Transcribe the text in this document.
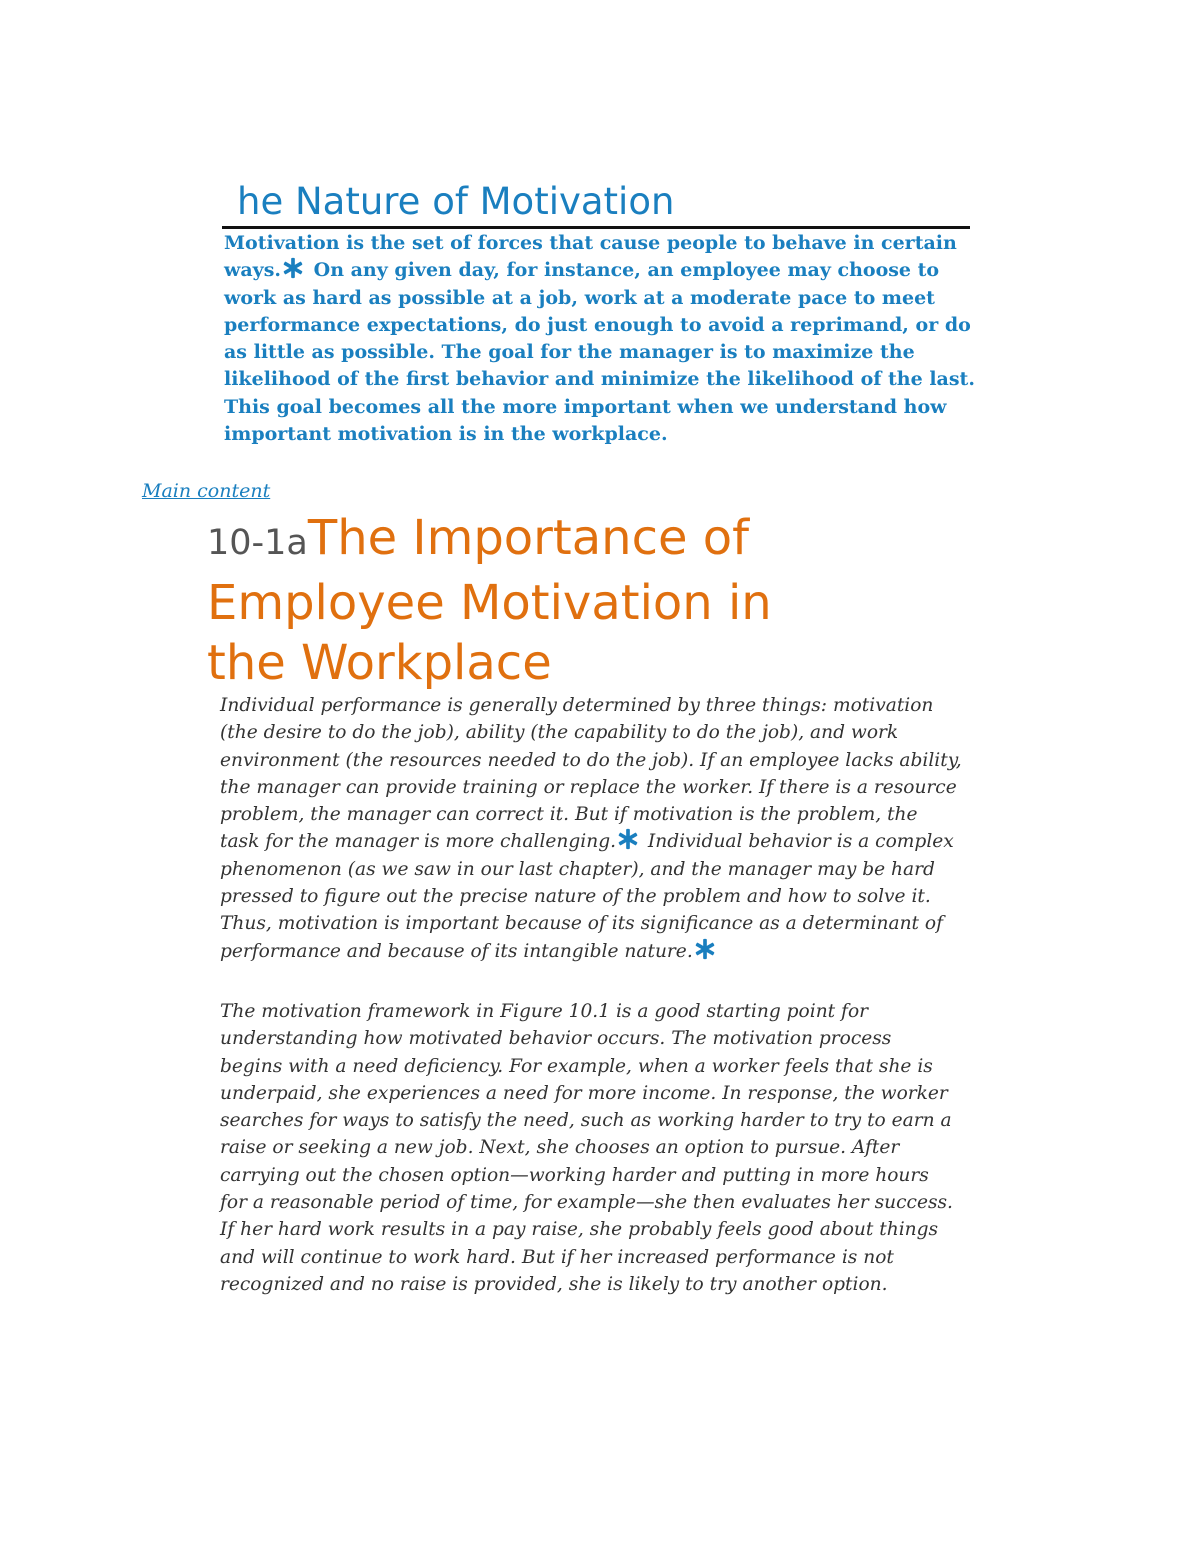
he Nature of Motivation
Motivation is the set of forces that cause people to behave in certain
ways. On any given day, for instance, an employee may choose to
work as hard as possible at a job, work at a moderate pace to meet
performance expectations, do just enough to avoid a reprimand, or do
as little as possible. The goal for the manager is to maximize the
likelihood of the first behavior and minimize the likelihood of the last.
This goal becomes all the more important when we understand how
important motivation is in the workplace.
Main content
10-1aThe Importance of
Employee Motivation in
the Workplace
Individual performance is generally determined by three things: motivation
(the desire to do the job), ability (the capability to do the job), and work
environment (the resources needed to do the job). If an employee lacks ability,
the manager can provide training or replace the worker. If there is a resource
problem, the manager can correct it. But if motivation is the problem, the
task for the manager is more challenging. Individual behavior is a complex
phenomenon (as we saw in our last chapter), and the manager may be hard
pressed to figure out the precise nature of the problem and how to solve it.
Thus, motivation is important because of its significance as a determinant of
performance and because of its intangible nature.
The motivation framework in Figure 10.1 is a good starting point for
understanding how motivated behavior occurs. The motivation process
begins with a need deficiency. For example, when a worker feels that she is
underpaid, she experiences a need for more income. In response, the worker
searches for ways to satisfy the need, such as working harder to try to earn a
raise or seeking a new job. Next, she chooses an option to pursue. After
carrying out the chosen option—working harder and putting in more hours
for a reasonable period of time, for example—she then evaluates her success.
If her hard work results in a pay raise, she probably feels good about things
and will continue to work hard. But if her increased performance is not
recognized and no raise is provided, she is likely to try another option.
